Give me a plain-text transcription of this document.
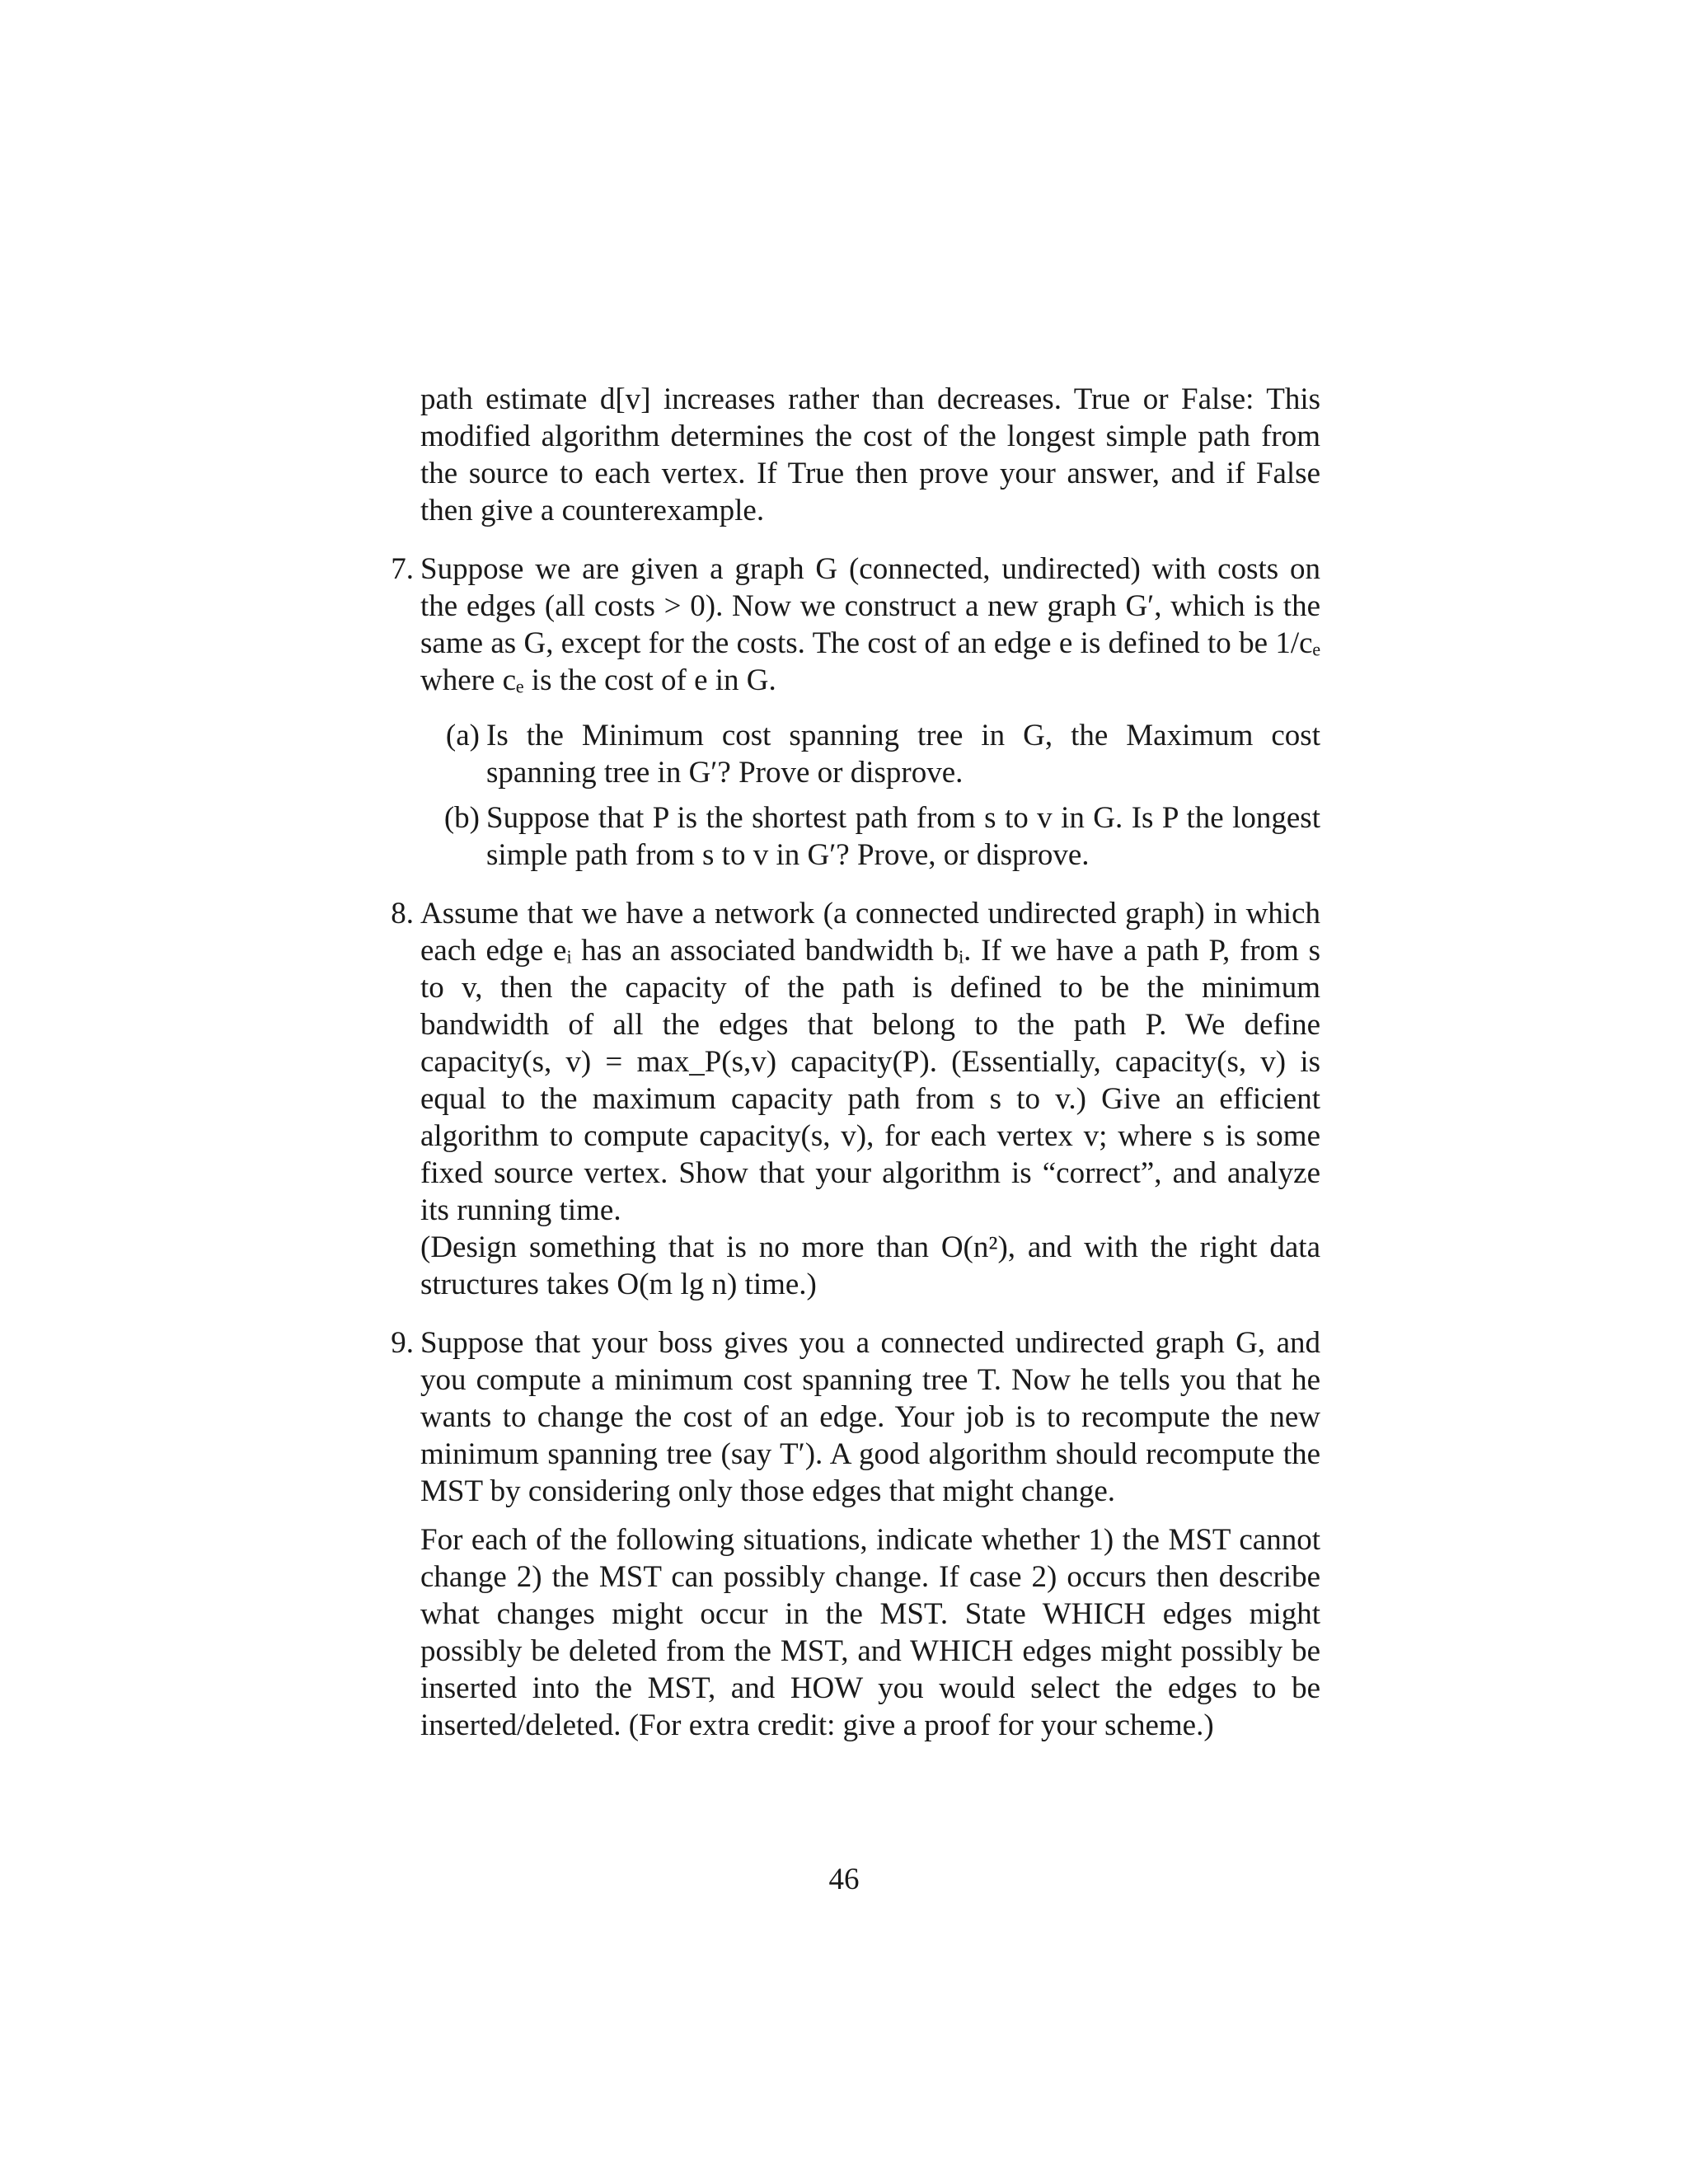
path estimate d[v] increases rather than decreases. True or False: This modified algorithm determines the cost of the longest simple path from the source to each vertex. If True then prove your answer, and if False then give a counterexample.

7. Suppose we are given a graph G (connected, undirected) with costs on the edges (all costs > 0). Now we construct a new graph G′, which is the same as G, except for the costs. The cost of an edge e is defined to be 1/cₑ where cₑ is the cost of e in G.

(a) Is the Minimum cost spanning tree in G, the Maximum cost spanning tree in G′? Prove or disprove.

(b) Suppose that P is the shortest path from s to v in G. Is P the longest simple path from s to v in G′? Prove, or disprove.

8. Assume that we have a network (a connected undirected graph) in which each edge eᵢ has an associated bandwidth bᵢ. If we have a path P, from s to v, then the capacity of the path is defined to be the minimum bandwidth of all the edges that belong to the path P. We define capacity(s, v) = max_P(s,v) capacity(P). (Essentially, capacity(s, v) is equal to the maximum capacity path from s to v.) Give an efficient algorithm to compute capacity(s, v), for each vertex v; where s is some fixed source vertex. Show that your algorithm is “correct”, and analyze its running time.

(Design something that is no more than O(n²), and with the right data structures takes O(m lg n) time.)

9. Suppose that your boss gives you a connected undirected graph G, and you compute a minimum cost spanning tree T. Now he tells you that he wants to change the cost of an edge. Your job is to recompute the new minimum spanning tree (say T′). A good algorithm should recompute the MST by considering only those edges that might change.

For each of the following situations, indicate whether 1) the MST cannot change 2) the MST can possibly change. If case 2) occurs then describe what changes might occur in the MST. State WHICH edges might possibly be deleted from the MST, and WHICH edges might possibly be inserted into the MST, and HOW you would select the edges to be inserted/deleted. (For extra credit: give a proof for your scheme.)

46
